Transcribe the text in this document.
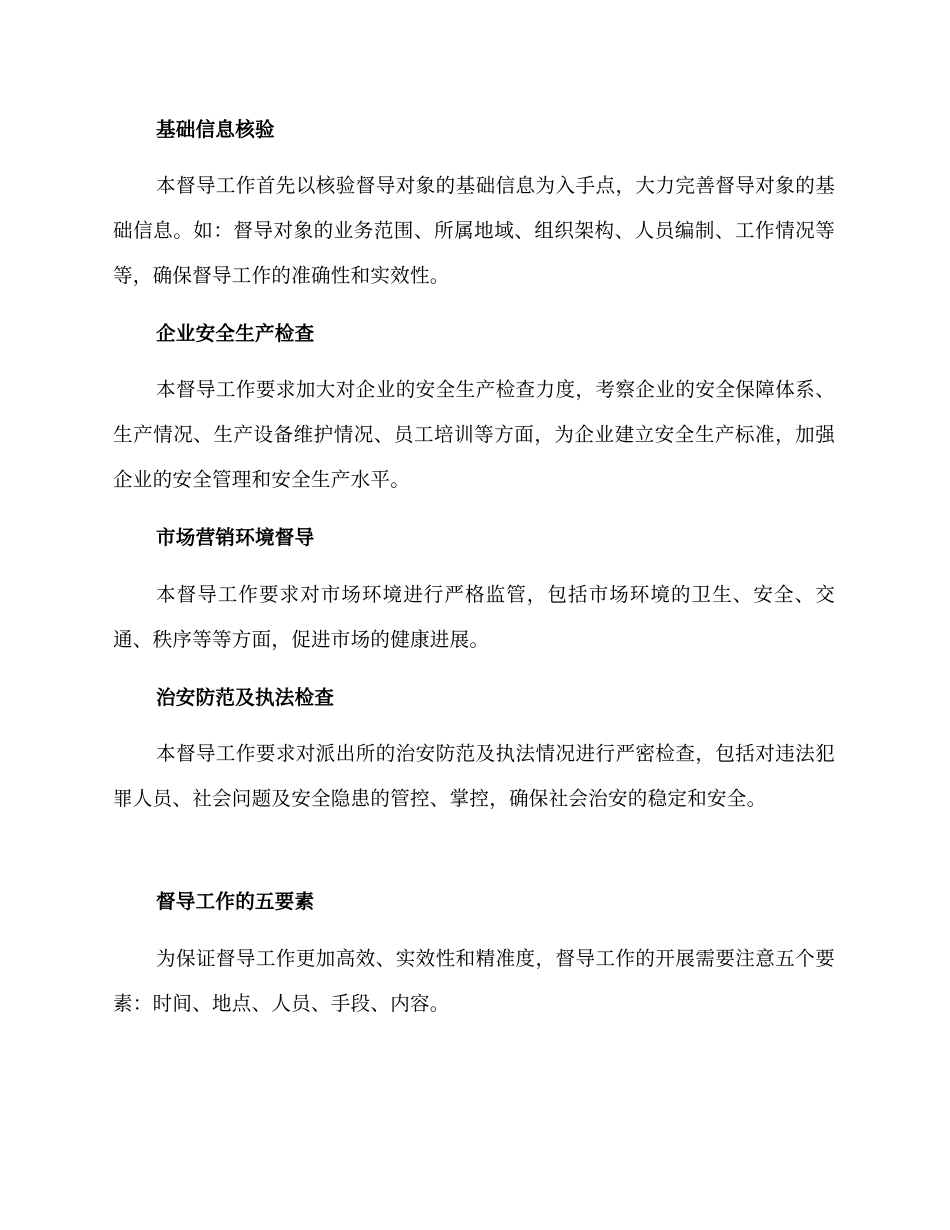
基础信息核验
本督导工作首先以核验督导对象的基础信息为入手点，大力完善督导对象的基础信息。如：督导对象的业务范围、所属地域、组织架构、人员编制、工作情况等等，确保督导工作的准确性和实效性。
企业安全生产检查
本督导工作要求加大对企业的安全生产检查力度，考察企业的安全保障体系、生产情况、生产设备维护情况、员工培训等方面，为企业建立安全生产标准，加强企业的安全管理和安全生产水平。
市场营销环境督导
本督导工作要求对市场环境进行严格监管，包括市场环境的卫生、安全、交通、秩序等等方面，促进市场的健康进展。
治安防范及执法检查
本督导工作要求对派出所的治安防范及执法情况进行严密检查，包括对违法犯罪人员、社会问题及安全隐患的管控、掌控，确保社会治安的稳定和安全。
督导工作的五要素
为保证督导工作更加高效、实效性和精准度，督导工作的开展需要注意五个要素：时间、地点、人员、手段、内容。
